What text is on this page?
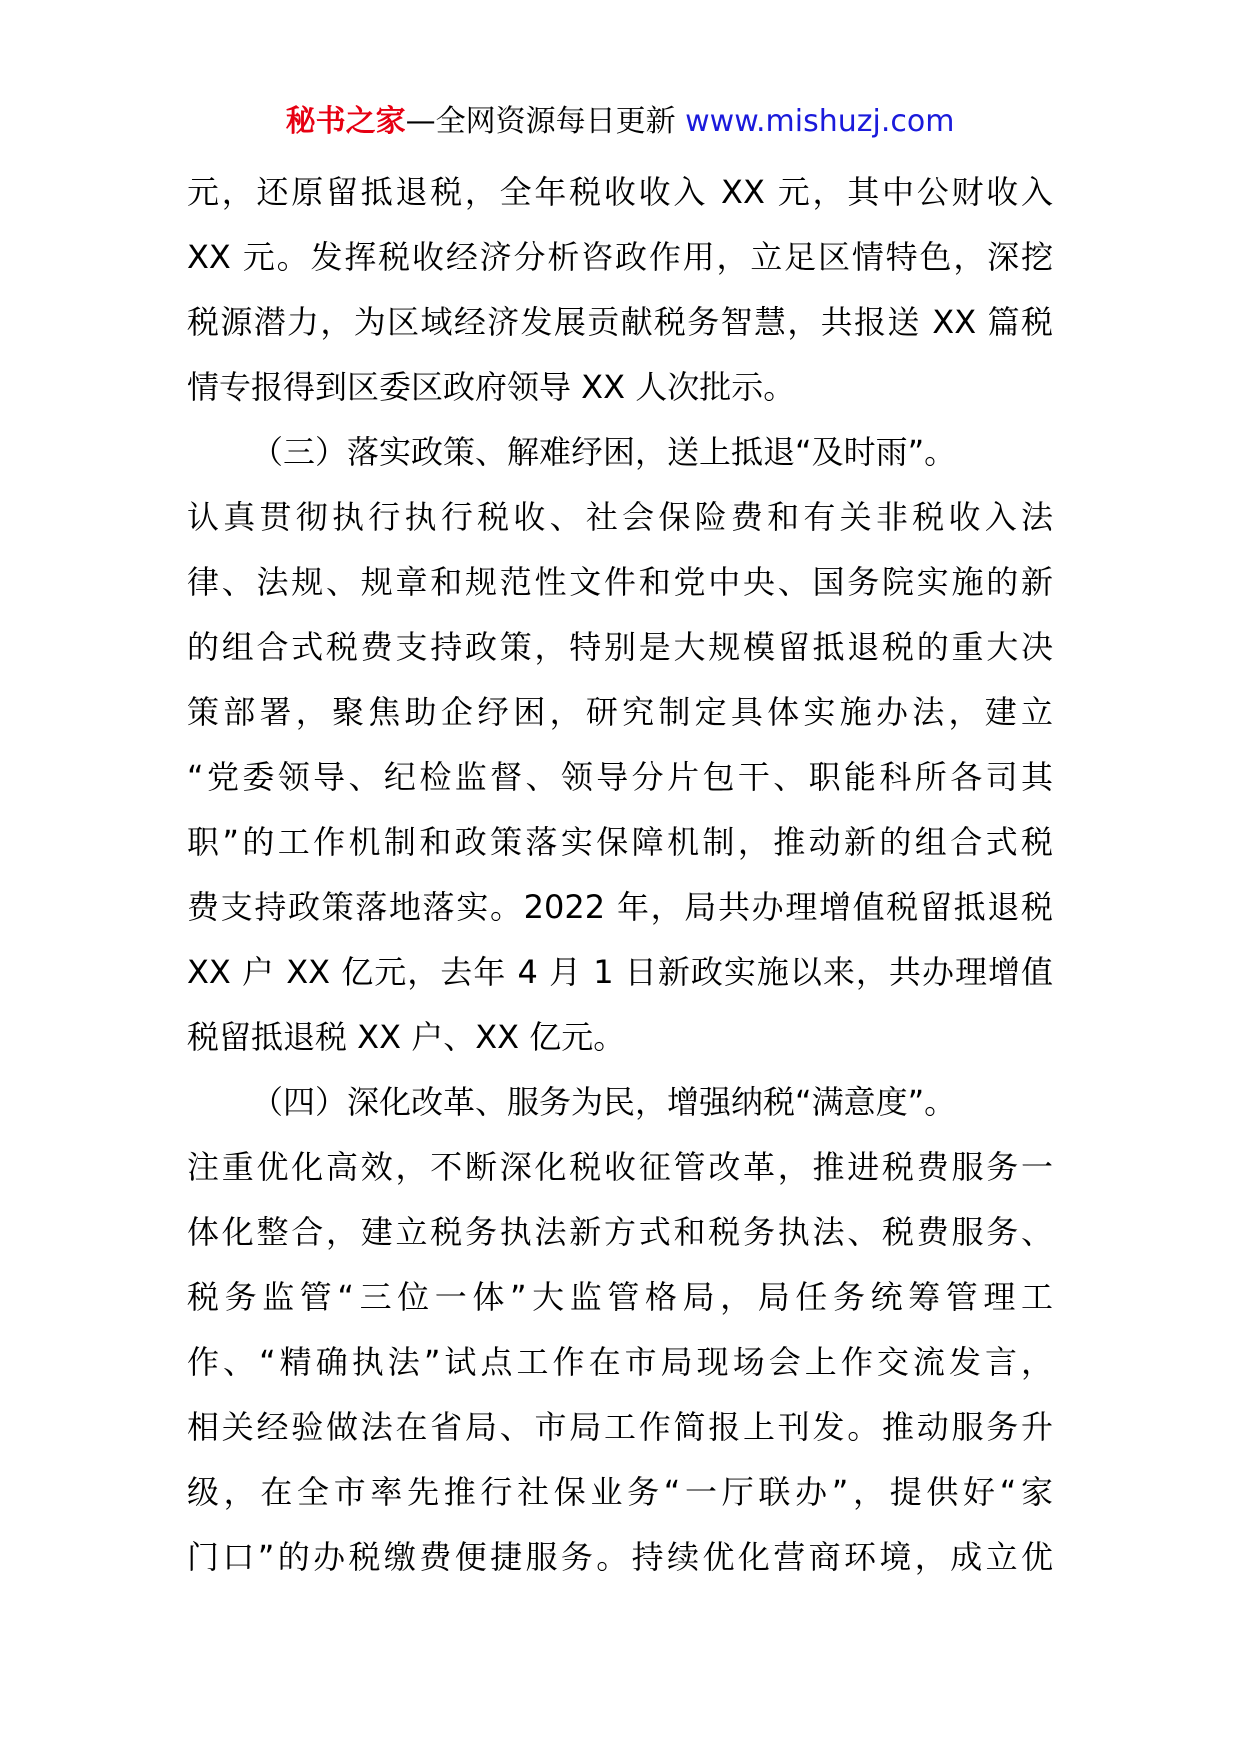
秘书之家—全网资源每日更新 www.mishuzj.com
元，还原留抵退税，全年税收收入 XX 元，其中公财收入
XX 元。发挥税收经济分析咨政作用，立足区情特色，深挖
税源潜力，为区域经济发展贡献税务智慧，共报送 XX 篇税
情专报得到区委区政府领导 XX 人次批示。
（三）落实政策、解难纾困，送上抵退“及时雨”。
认真贯彻执行执行税收、社会保险费和有关非税收入法
律、法规、规章和规范性文件和党中央、国务院实施的新
的组合式税费支持政策，特别是大规模留抵退税的重大决
策部署，聚焦助企纾困，研究制定具体实施办法，建立
“党委领导、纪检监督、领导分片包干、职能科所各司其
职”的工作机制和政策落实保障机制，推动新的组合式税
费支持政策落地落实。2022 年，局共办理增值税留抵退税
XX 户 XX 亿元，去年 4 月 1 日新政实施以来，共办理增值
税留抵退税 XX 户、XX 亿元。
（四）深化改革、服务为民，增强纳税“满意度”。
注重优化高效，不断深化税收征管改革，推进税费服务一
体化整合，建立税务执法新方式和税务执法、税费服务、
税务监管“三位一体”大监管格局，局任务统筹管理工
作、“精确执法”试点工作在市局现场会上作交流发言，
相关经验做法在省局、市局工作简报上刊发。推动服务升
级，在全市率先推行社保业务“一厅联办”，提供好“家
门口”的办税缴费便捷服务。持续优化营商环境，成立优
